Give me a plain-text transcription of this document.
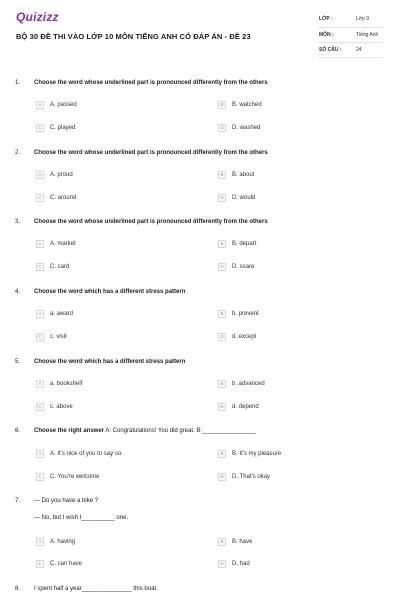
Quizizz
BỘ 30 ĐỀ THI VÀO LỚP 10 MÔN TIẾNG ANH CÓ ĐÁP ÁN - ĐỀ 23
LỚP :	Lớp 9
MÔN :	Tiếng Anh
SỐ CÂU :	24
1. Choose the word whose underlined part is pronounced differently from the others
A	A. passed	B	B. watched
C	C. played	D	D. washed
2. Choose the word whose underlined part is pronounced differently from the others
A	A. proud	B	B. about
C	C. around	D	D. would
3. Choose the word whose underlined part is pronounced differently from the others
A	A. market	B	B. depart
C	C. card	D	D. scare
4. Choose the word which has a different stress pattern
A	a. award	B	b. prevent
C	c. visit	D	d. except
5. Choose the word which has a different stress pattern
A	a. bookshelf	B	b. advanced
C	c. above	D	d. depend
6. Choose the right answer A: Congratulations! You did great. B:________________
A	A. It's nice of you to say so.	B	B. It's my pleasure
C	C. You're welcome	D	D. That's okay
7. — Do you have a bike ?
— No, but I wish I__________ one.
A	A. having	B	B. have
C	C. can have	D	D. had
8. I spent half a year_______________ this boat.
